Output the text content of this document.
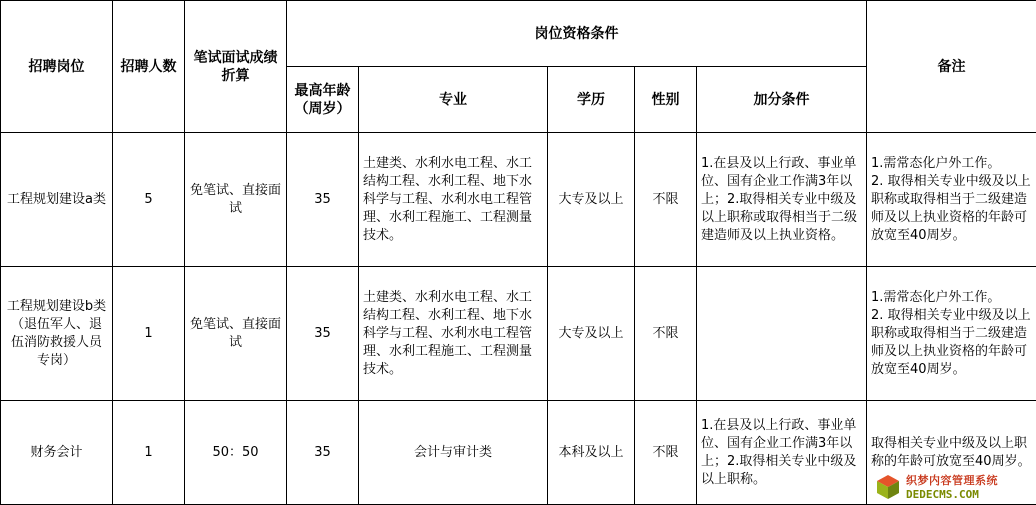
招聘岗位	招聘人数	笔试面试成绩折算	岗位资格条件					备注
			最高年龄（周岁）	专业	学历	性别	加分条件	
工程规划建设a类	5	免笔试、直接面试	35	土建类、水利水电工程、水工结构工程、水利工程、地下水科学与工程、水利水电工程管理、水利工程施工、工程测量技术。	大专及以上	不限	1.在县及以上行政、事业单位、国有企业工作满3年以上；2.取得相关专业中级及以上职称或取得相当于二级建造师及以上执业资格。	1.需常态化户外工作。
2. 取得相关专业中级及以上职称或取得相当于二级建造师及以上执业资格的年龄可放宽至40周岁。
工程规划建设b类（退伍军人、退伍消防救援人员专岗）	1	免笔试、直接面试	35	土建类、水利水电工程、水工结构工程、水利工程、地下水科学与工程、水利水电工程管理、水利工程施工、工程测量技术。	大专及以上	不限		1.需常态化户外工作。
2. 取得相关专业中级及以上职称或取得相当于二级建造师及以上执业资格的年龄可放宽至40周岁。
财务会计	1	50：50	35	会计与审计类	本科及以上	不限	1.在县及以上行政、事业单位、国有企业工作满3年以上；2.取得相关专业中级及以上职称。	取得相关专业中级及以上职称的年龄可放宽至40周岁。
织梦内容管理系统
DEDECMS.COM
